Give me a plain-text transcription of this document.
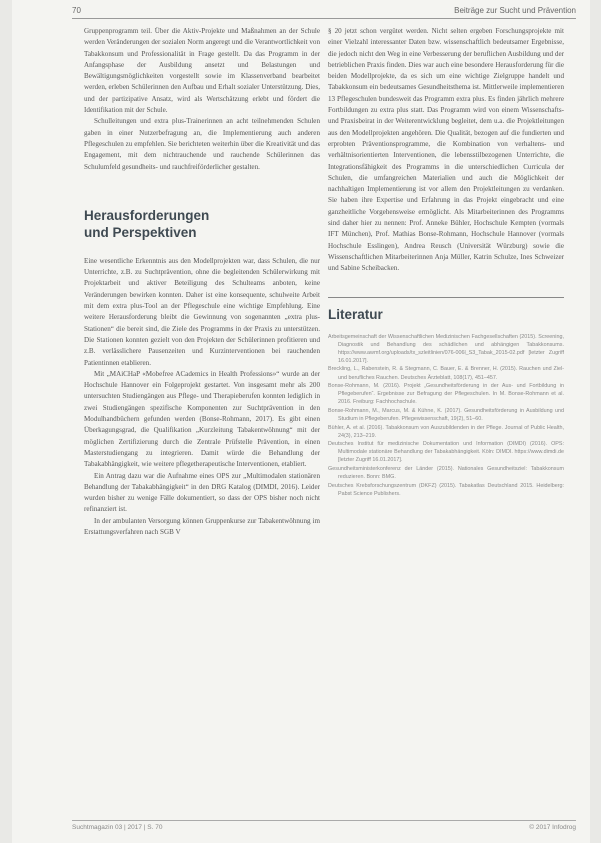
70	Beiträge zur Sucht und Prävention

Gruppenprogramm teil. Über die Aktiv-Projekte und Maßnahmen an der Schule werden Veränderungen der sozialen Norm angeregt und die Verantwortlichkeit von Tabakkonsum und Professionalität in Frage gestellt. Da das Programm in der Anfangsphase der Ausbildung ansetzt und Belastungen und Bewältigungsmöglichkeiten vorgestellt sowie im Klassenverband bearbeitet werden, erleben Schülerinnen den Aufbau und Erhalt sozialer Unterstützung. Dies, und der partizipative Ansatz, wird als Wertschätzung erlebt und fördert die Identifikation mit der Schule.

Schulleitungen und extra plus-Trainerinnen an acht teilnehmenden Schulen gaben in einer Nutzerbefragung an, die Implementierung auch anderen Pflegeschulen zu empfehlen. Sie berichteten weiterhin über die Kreativität und das Engagement, mit dem nichtrauchende und rauchende Schülerinnen das Schulumfeld gesundheits- und rauchfreiförderlicher gestalten.

Herausforderungen
und Perspektiven

Eine wesentliche Erkenntnis aus den Modellprojekten war, dass Schulen, die nur Unterrichte, z.B. zu Suchtprävention, ohne die begleitenden Schülerwirkung mit Projektarbeit und aktiver Beteiligung des Schulteams anboten, keine Veränderungen bewirken konnten. Daher ist eine konsequente, schulweite Arbeit mit dem extra plus-Tool an der Pflegeschule eine wichtige Empfehlung. Eine weitere Herausforderung bleibt die Gewinnung von sogenannten „extra plus-Stationen“ die bereit sind, die Ziele des Programms in der Praxis zu unterstützen. Die Stationen konnten gezielt von den Projekten der Schülerinnen profitieren und z.B. verlässlichere Pausenzeiten und Kurzinterventionen bei rauchenden Patientinnen etablieren.

Mit „MAiCHaP «Mobefree ACademics in Health Professions»“ wurde an der Hochschule Hannover ein Folgeprojekt gestartet. Von insgesamt mehr als 200 untersuchten Studiengängen aus Pflege- und Therapieberufen konnten lediglich in zwei Studiengängen spezifische Komponenten zur Suchtprävention in den Modulhandbüchern gefunden werden (Bonse-Rohmann, 2017). Es gibt einen Überkagungsgrad, die Qualifikation „Kurzleitung Tabakentwöhnung“ mit der möglichen Zertifizierung durch die Zentrale Prüfstelle Prävention, in einen Masterstudiengang zu integrieren. Damit würde die Behandlung der Tabakabhängigkeit, wie weitere pflegetherapeutische Interventionen, etabliert.

Ein Antrag dazu war die Aufnahme eines OPS zur „Multimodalen stationären Behandlung der Tabakabhängigkeit“ in den DRG Katalog (DIMDI, 2016). Leider wurden bisher zu wenige Fälle dokumentiert, so dass der OPS bisher noch nicht refinanziert ist.

In der ambulanten Versorgung können Gruppenkurse zur Tabakentwöhnung im Erstattungsverfahren nach SGB V

§ 20 jetzt schon vergütet werden. Nicht selten ergeben Forschungsprojekte mit einer Vielzahl interessanter Daten bzw. wissenschaftlich bedeutsamer Ergebnisse, die jedoch nicht den Weg in eine Verbesserung der beruflichen Ausbildung und der betrieblichen Praxis finden. Dies war auch eine besondere Herausforderung für die beiden Modellprojekte, da es sich um eine wichtige Zielgruppe handelt und Tabakkonsum ein bedeutsames Gesundheitsthema ist. Mittlerweile implementieren 13 Pflegeschulen bundesweit das Programm extra plus. Es finden jährlich mehrere Fortbildungen zu extra plus statt. Das Programm wird von einem Wissenschafts- und Praxisbeirat in der Weiterentwicklung begleitet, dem u.a. die Projektleitungen aus den Modellprojekten angehören. Die Qualität, bezogen auf die fundierten und erprobten Präventionsprogramme, die Kombination von verhaltens- und verhältnisorientierten Interventionen, die lebensstilbezogenen Unterrichte, die Integrationsfähigkeit des Programms in die unterschiedlichen Curricula der Schulen, die umfangreichen Materialien und auch die Möglichkeit der nachhaltigen Implementierung ist vor allem den Projektleitungen zu verdanken. Sie haben ihre Expertise und Erfahrung in das Projekt eingebracht und eine ganzheitliche Vorgehensweise ermöglicht. Als Mitarbeiterinnen des Programms sind daher hier zu nennen: Prof. Anneke Bühler, Hochschule Kempten (vormals IFT München), Prof. Mathias Bonse-Rohmann, Hochschule Hannover (vormals Hochschule Esslingen), Andrea Reusch (Universität Würzburg) sowie die Wissenschaftlichen Mitarbeiterinnen Anja Müller, Katrin Schulze, Ines Schweizer und Sabine Scheibacken.

Literatur
Arbeitsgemeinschaft der Wissenschaftlichen Medizinischen Fachgesellschaften (2015). Screening, Diagnostik und Behandlung des schädlichen und abhängigen Tabakkonsums. https://www.awmf.org/uploads/tx_szleitlinien/076-006l_S3_Tabak_2015-02.pdf [letzter Zugriff 16.01.2017].
Breckling, L., Rabenstein, R. & Stegmann, C. Bauer, E. & Brenner, H. (2015). Rauchen und Ziel- und berufliches Rauchen. Deutsches Ärzteblatt, 108(17), 451–457.
Bonse-Rohmann, M. (2016). Projekt „Gesundheitsförderung in der Aus- und Fortbildung in Pflegeberufen“. Ergebnisse zur Befragung der Pflegeschulen. In M. Bonse-Rohmann et al. 2016. Freiburg: Fachhochschule.
Bonse-Rohmann, M., Marcus, M. & Kühne, K. (2017). Gesundheitsförderung in Ausbildung und Studium in Pflegeberufen. Pflegewissenschaft, 19(2), 51–60.
Bühler, A. et al. (2016). Tabakkonsum von Auszubildenden in der Pflege. Journal of Public Health, 24(3), 213–219.
Deutsches Institut für medizinische Dokumentation und Information (DIMDI) (2016). OPS: Multimodale stationäre Behandlung der Tabakabhängigkeit. Köln: DIMDI. https://www.dimdi.de [letzter Zugriff 16.01.2017].
Gesundheitsministerkonferenz der Länder (2015). Nationales Gesundheitsziel: Tabakkonsum reduzieren. Bonn: BMG.
Deutsches Krebsforschungszentrum (DKFZ) (2015). Tabakatlas Deutschland 2015. Heidelberg: Pabst Science Publishers.
Suchtmagazin 03 | 2017 | S. 70	© 2017 Infodrog
